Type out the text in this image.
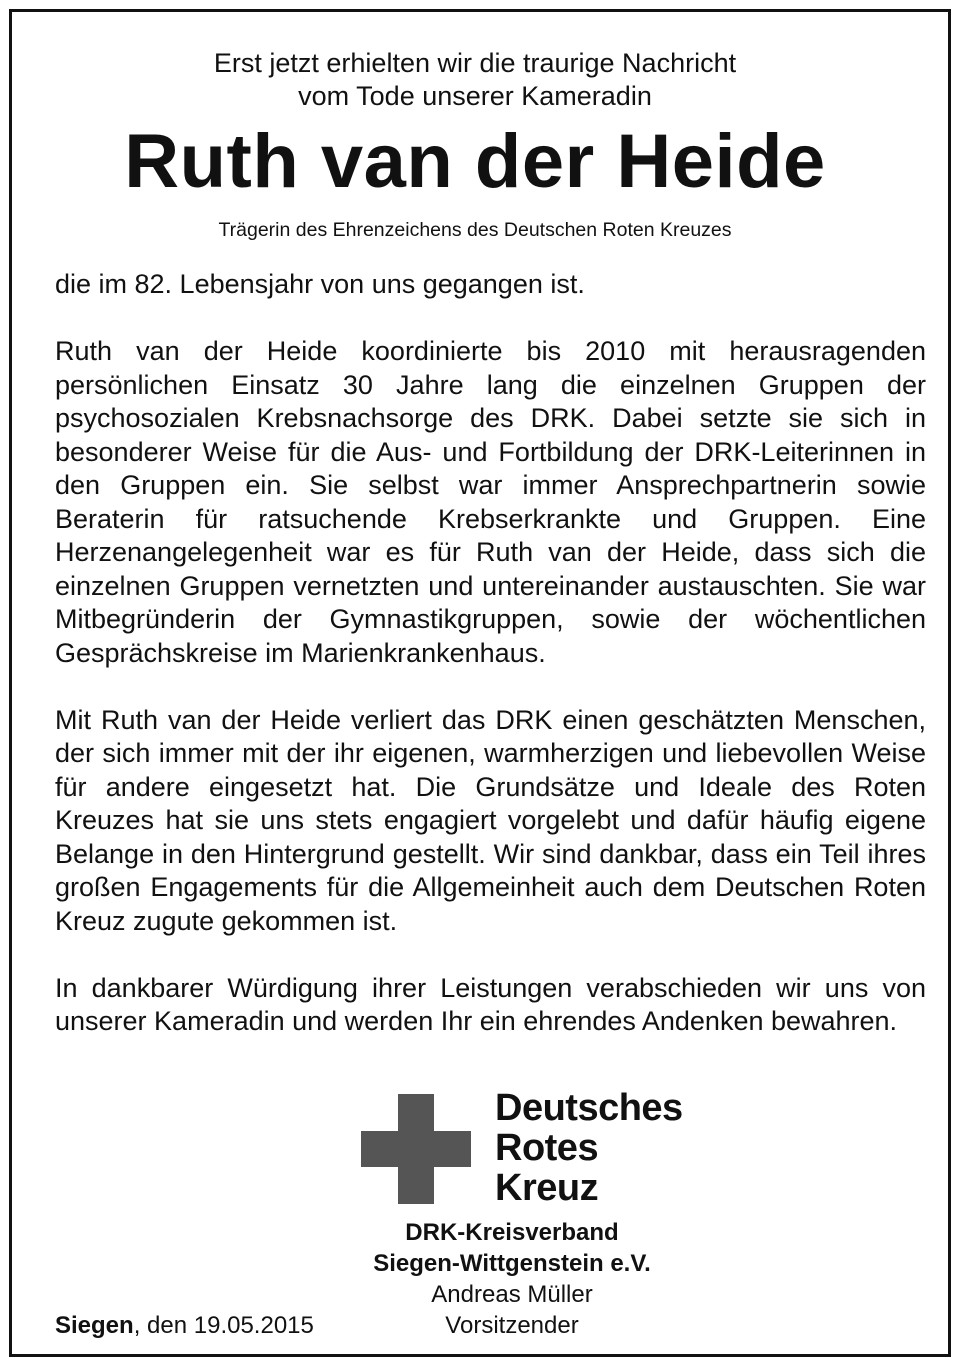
Erst jetzt erhielten wir die traurige Nachricht
vom Tode unserer Kameradin
Ruth van der Heide
Trägerin des Ehrenzeichens des Deutschen Roten Kreuzes

die im 82. Lebensjahr von uns gegangen ist.

Ruth van der Heide koordinierte bis 2010 mit herausragenden persönlichen Einsatz 30 Jahre lang die einzelnen Gruppen der psychosozialen Krebsnachsorge des DRK. Dabei setzte sie sich in besonderer Weise für die Aus- und Fortbildung der DRK-Leiterinnen in den Gruppen ein. Sie selbst war immer Ansprechpartnerin sowie Beraterin für ratsuchende Krebserkrankte und Gruppen. Eine Herzenangelegenheit war es für Ruth van der Heide, dass sich die einzelnen Gruppen vernetzten und untereinander austauschten. Sie war Mitbegründerin der Gymnastikgruppen, sowie der wöchentlichen Gesprächskreise im Marienkrankenhaus.

Mit Ruth van der Heide verliert das DRK einen geschätzten Menschen, der sich immer mit der ihr eigenen, warmherzigen und liebevollen Weise für andere eingesetzt hat. Die Grundsätze und Ideale des Roten Kreuzes hat sie uns stets engagiert vorgelebt und dafür häufig eigene Belange in den Hintergrund gestellt. Wir sind dankbar, dass ein Teil ihres großen Engagements für die Allgemeinheit auch dem Deutschen Roten Kreuz zugute gekommen ist.

In dankbarer Würdigung ihrer Leistungen verabschieden wir uns von unserer Kameradin und werden Ihr ein ehrendes Andenken bewahren.

Deutsches
Rotes
Kreuz
DRK-Kreisverband
Siegen-Wittgenstein e.V.
Andreas Müller
Vorsitzender
Siegen, den 19.05.2015
